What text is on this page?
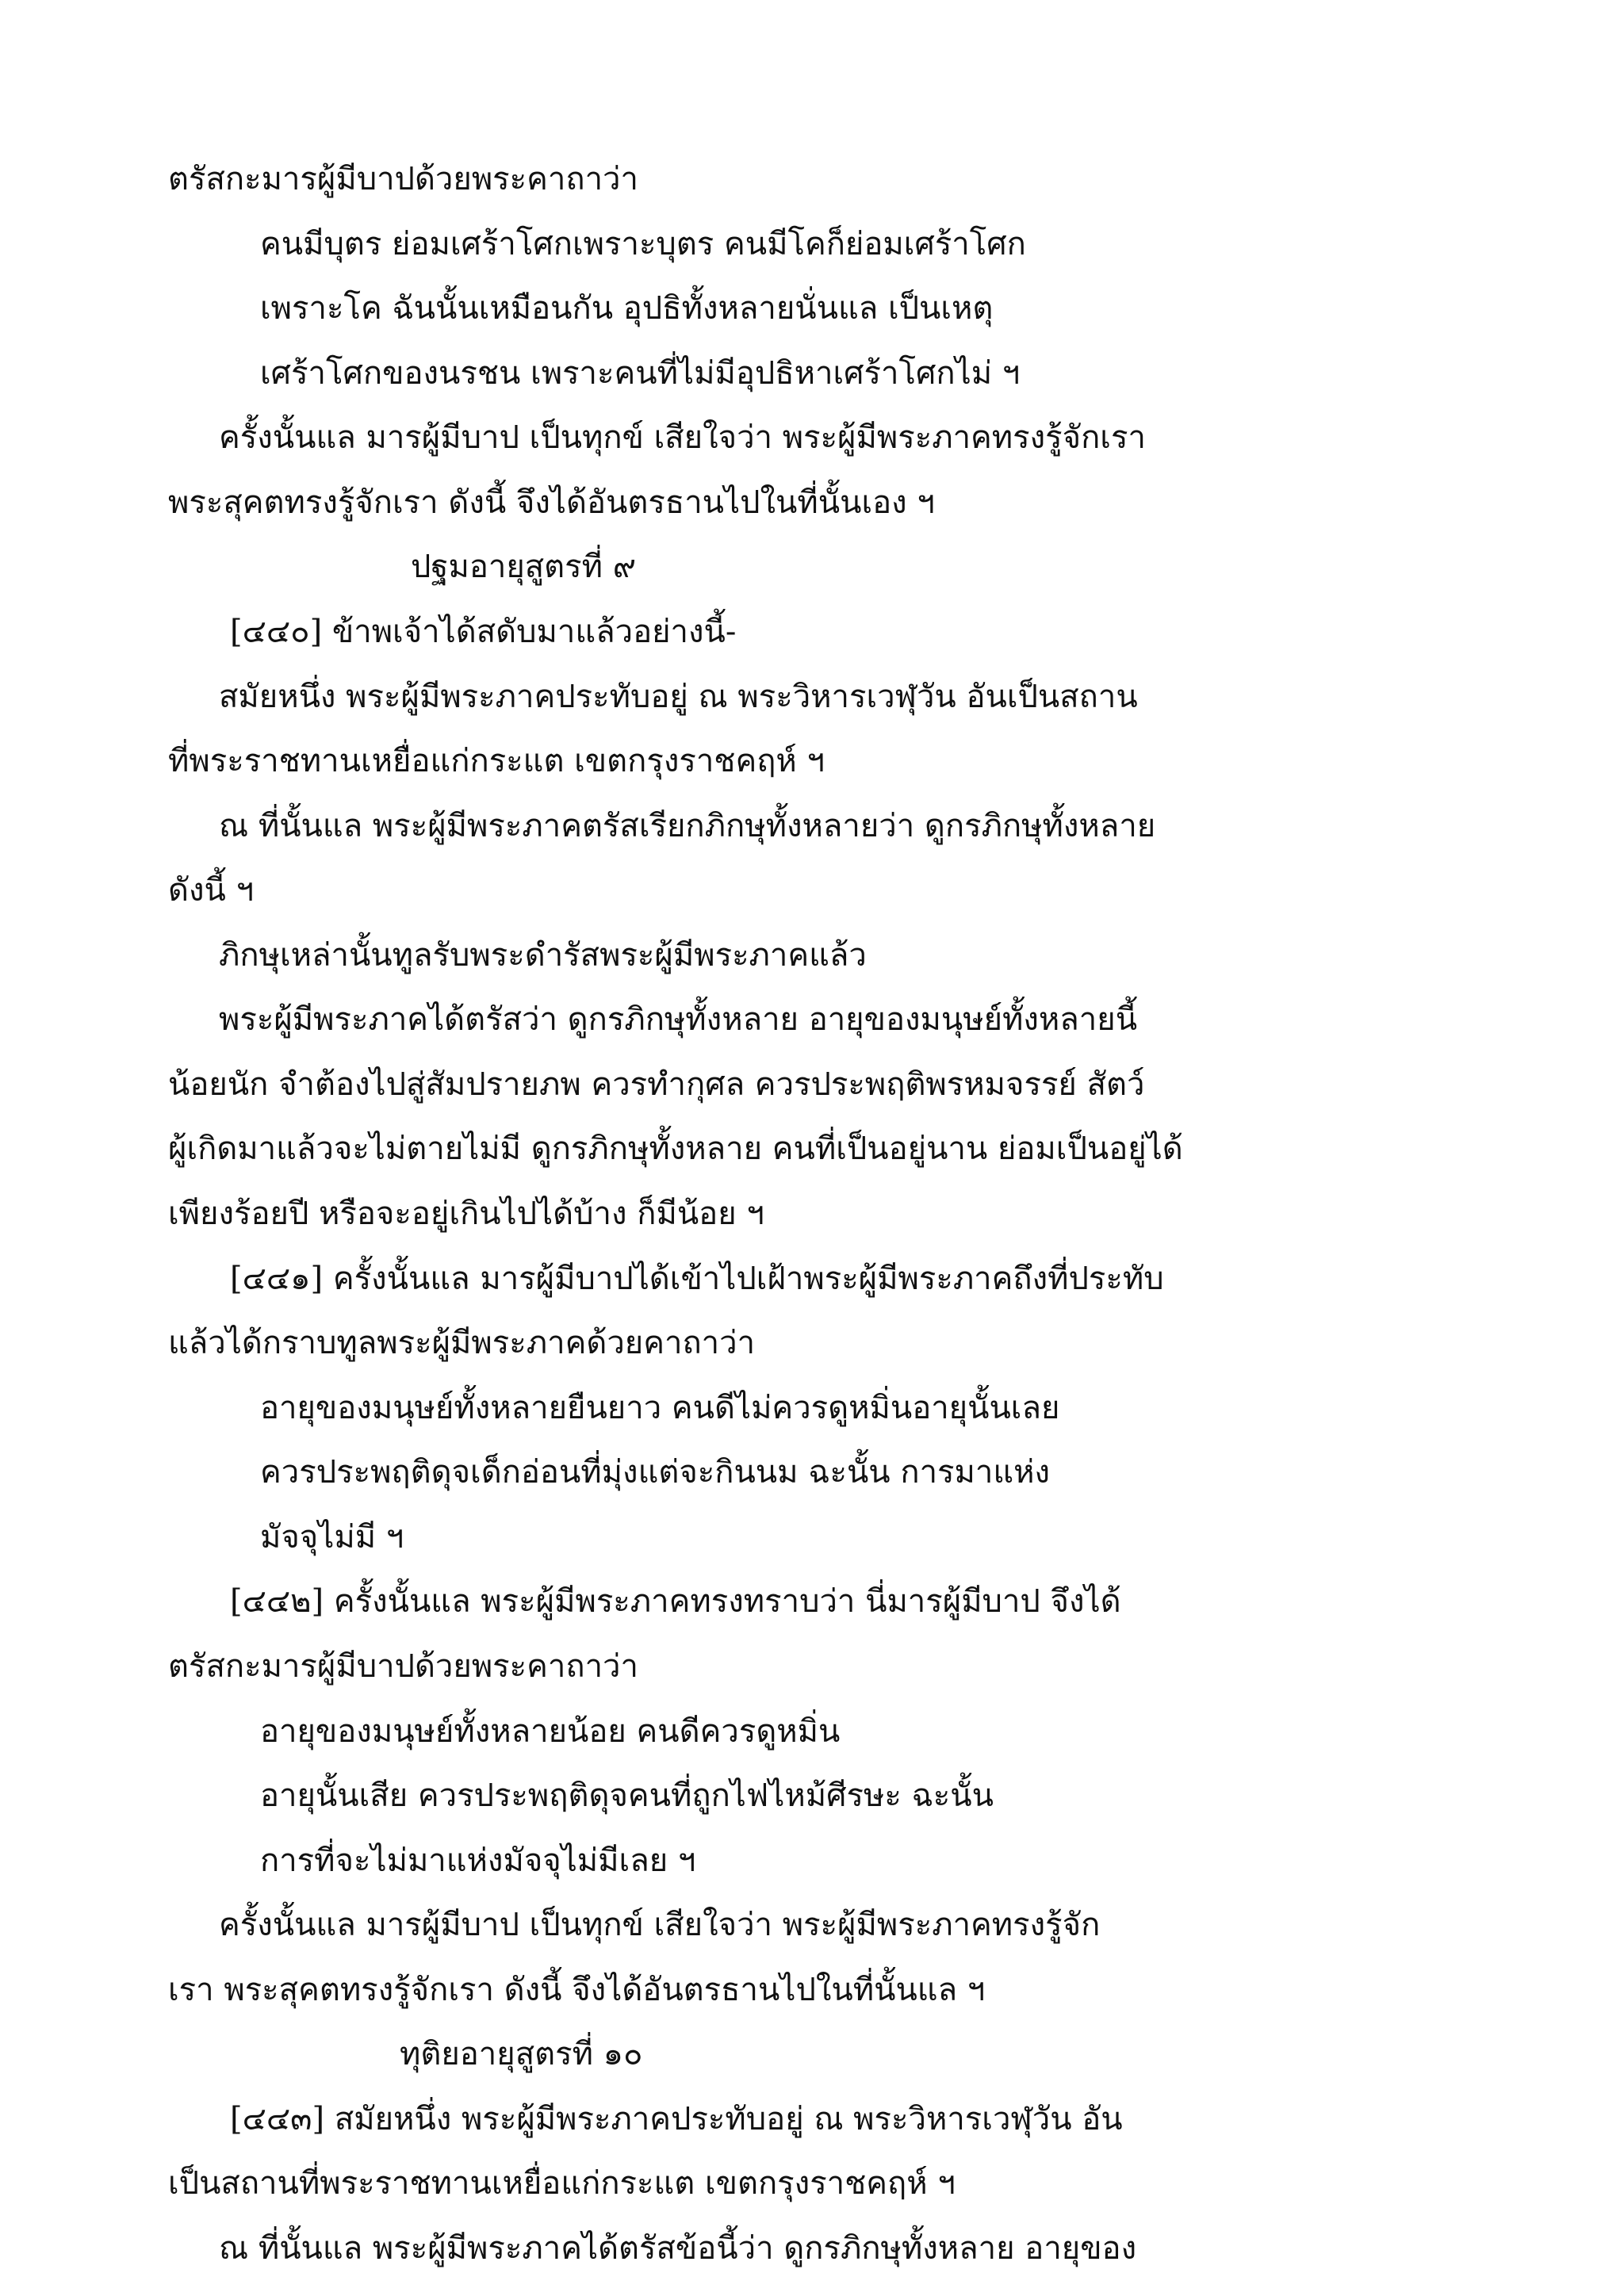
ตรัสกะมารผู้มีบาปด้วยพระคาถาว่า
คนมีบุตร ย่อมเศร้าโศกเพราะบุตร คนมีโคก็ย่อมเศร้าโศก
เพราะโค ฉันนั้นเหมือนกัน อุปธิทั้งหลายนั่นแล เป็นเหตุ
เศร้าโศกของนรชน เพราะคนที่ไม่มีอุปธิหาเศร้าโศกไม่ ฯ
ครั้งนั้นแล มารผู้มีบาป เป็นทุกข์ เสียใจว่า พระผู้มีพระภาคทรงรู้จักเรา
พระสุคตทรงรู้จักเรา ดังนี้ จึงได้อันตรธานไปในที่นั้นเอง ฯ
ปฐมอายุสูตรที่ ๙
[๔๔๐] ข้าพเจ้าได้สดับมาแล้วอย่างนี้-
สมัยหนึ่ง พระผู้มีพระภาคประทับอยู่ ณ พระวิหารเวฬุวัน อันเป็นสถาน
ที่พระราชทานเหยื่อแก่กระแต เขตกรุงราชคฤห์ ฯ
ณ ที่นั้นแล พระผู้มีพระภาคตรัสเรียกภิกษุทั้งหลายว่า ดูกรภิกษุทั้งหลาย
ดังนี้ ฯ
ภิกษุเหล่านั้นทูลรับพระดำรัสพระผู้มีพระภาคแล้ว
พระผู้มีพระภาคได้ตรัสว่า ดูกรภิกษุทั้งหลาย อายุของมนุษย์ทั้งหลายนี้
น้อยนัก จำต้องไปสู่สัมปรายภพ ควรทำกุศล ควรประพฤติพรหมจรรย์ สัตว์
ผู้เกิดมาแล้วจะไม่ตายไม่มี ดูกรภิกษุทั้งหลาย คนที่เป็นอยู่นาน ย่อมเป็นอยู่ได้
เพียงร้อยปี หรือจะอยู่เกินไปได้บ้าง ก็มีน้อย ฯ
[๔๔๑] ครั้งนั้นแล มารผู้มีบาปได้เข้าไปเฝ้าพระผู้มีพระภาคถึงที่ประทับ
แล้วได้กราบทูลพระผู้มีพระภาคด้วยคาถาว่า
อายุของมนุษย์ทั้งหลายยืนยาว คนดีไม่ควรดูหมิ่นอายุนั้นเลย
ควรประพฤติดุจเด็กอ่อนที่มุ่งแต่จะกินนม ฉะนั้น การมาแห่ง
มัจจุไม่มี ฯ
[๔๔๒] ครั้งนั้นแล พระผู้มีพระภาคทรงทราบว่า นี่มารผู้มีบาป จึงได้
ตรัสกะมารผู้มีบาปด้วยพระคาถาว่า
อายุของมนุษย์ทั้งหลายน้อย คนดีควรดูหมิ่น
อายุนั้นเสีย ควรประพฤติดุจคนที่ถูกไฟไหม้ศีรษะ ฉะนั้น
การที่จะไม่มาแห่งมัจจุไม่มีเลย ฯ
ครั้งนั้นแล มารผู้มีบาป เป็นทุกข์ เสียใจว่า พระผู้มีพระภาคทรงรู้จัก
เรา พระสุคตทรงรู้จักเรา ดังนี้ จึงได้อันตรธานไปในที่นั้นแล ฯ
ทุติยอายุสูตรที่ ๑๐
[๔๔๓] สมัยหนึ่ง พระผู้มีพระภาคประทับอยู่ ณ พระวิหารเวฬุวัน อัน
เป็นสถานที่พระราชทานเหยื่อแก่กระแต เขตกรุงราชคฤห์ ฯ
ณ ที่นั้นแล พระผู้มีพระภาคได้ตรัสข้อนี้ว่า ดูกรภิกษุทั้งหลาย อายุของ
